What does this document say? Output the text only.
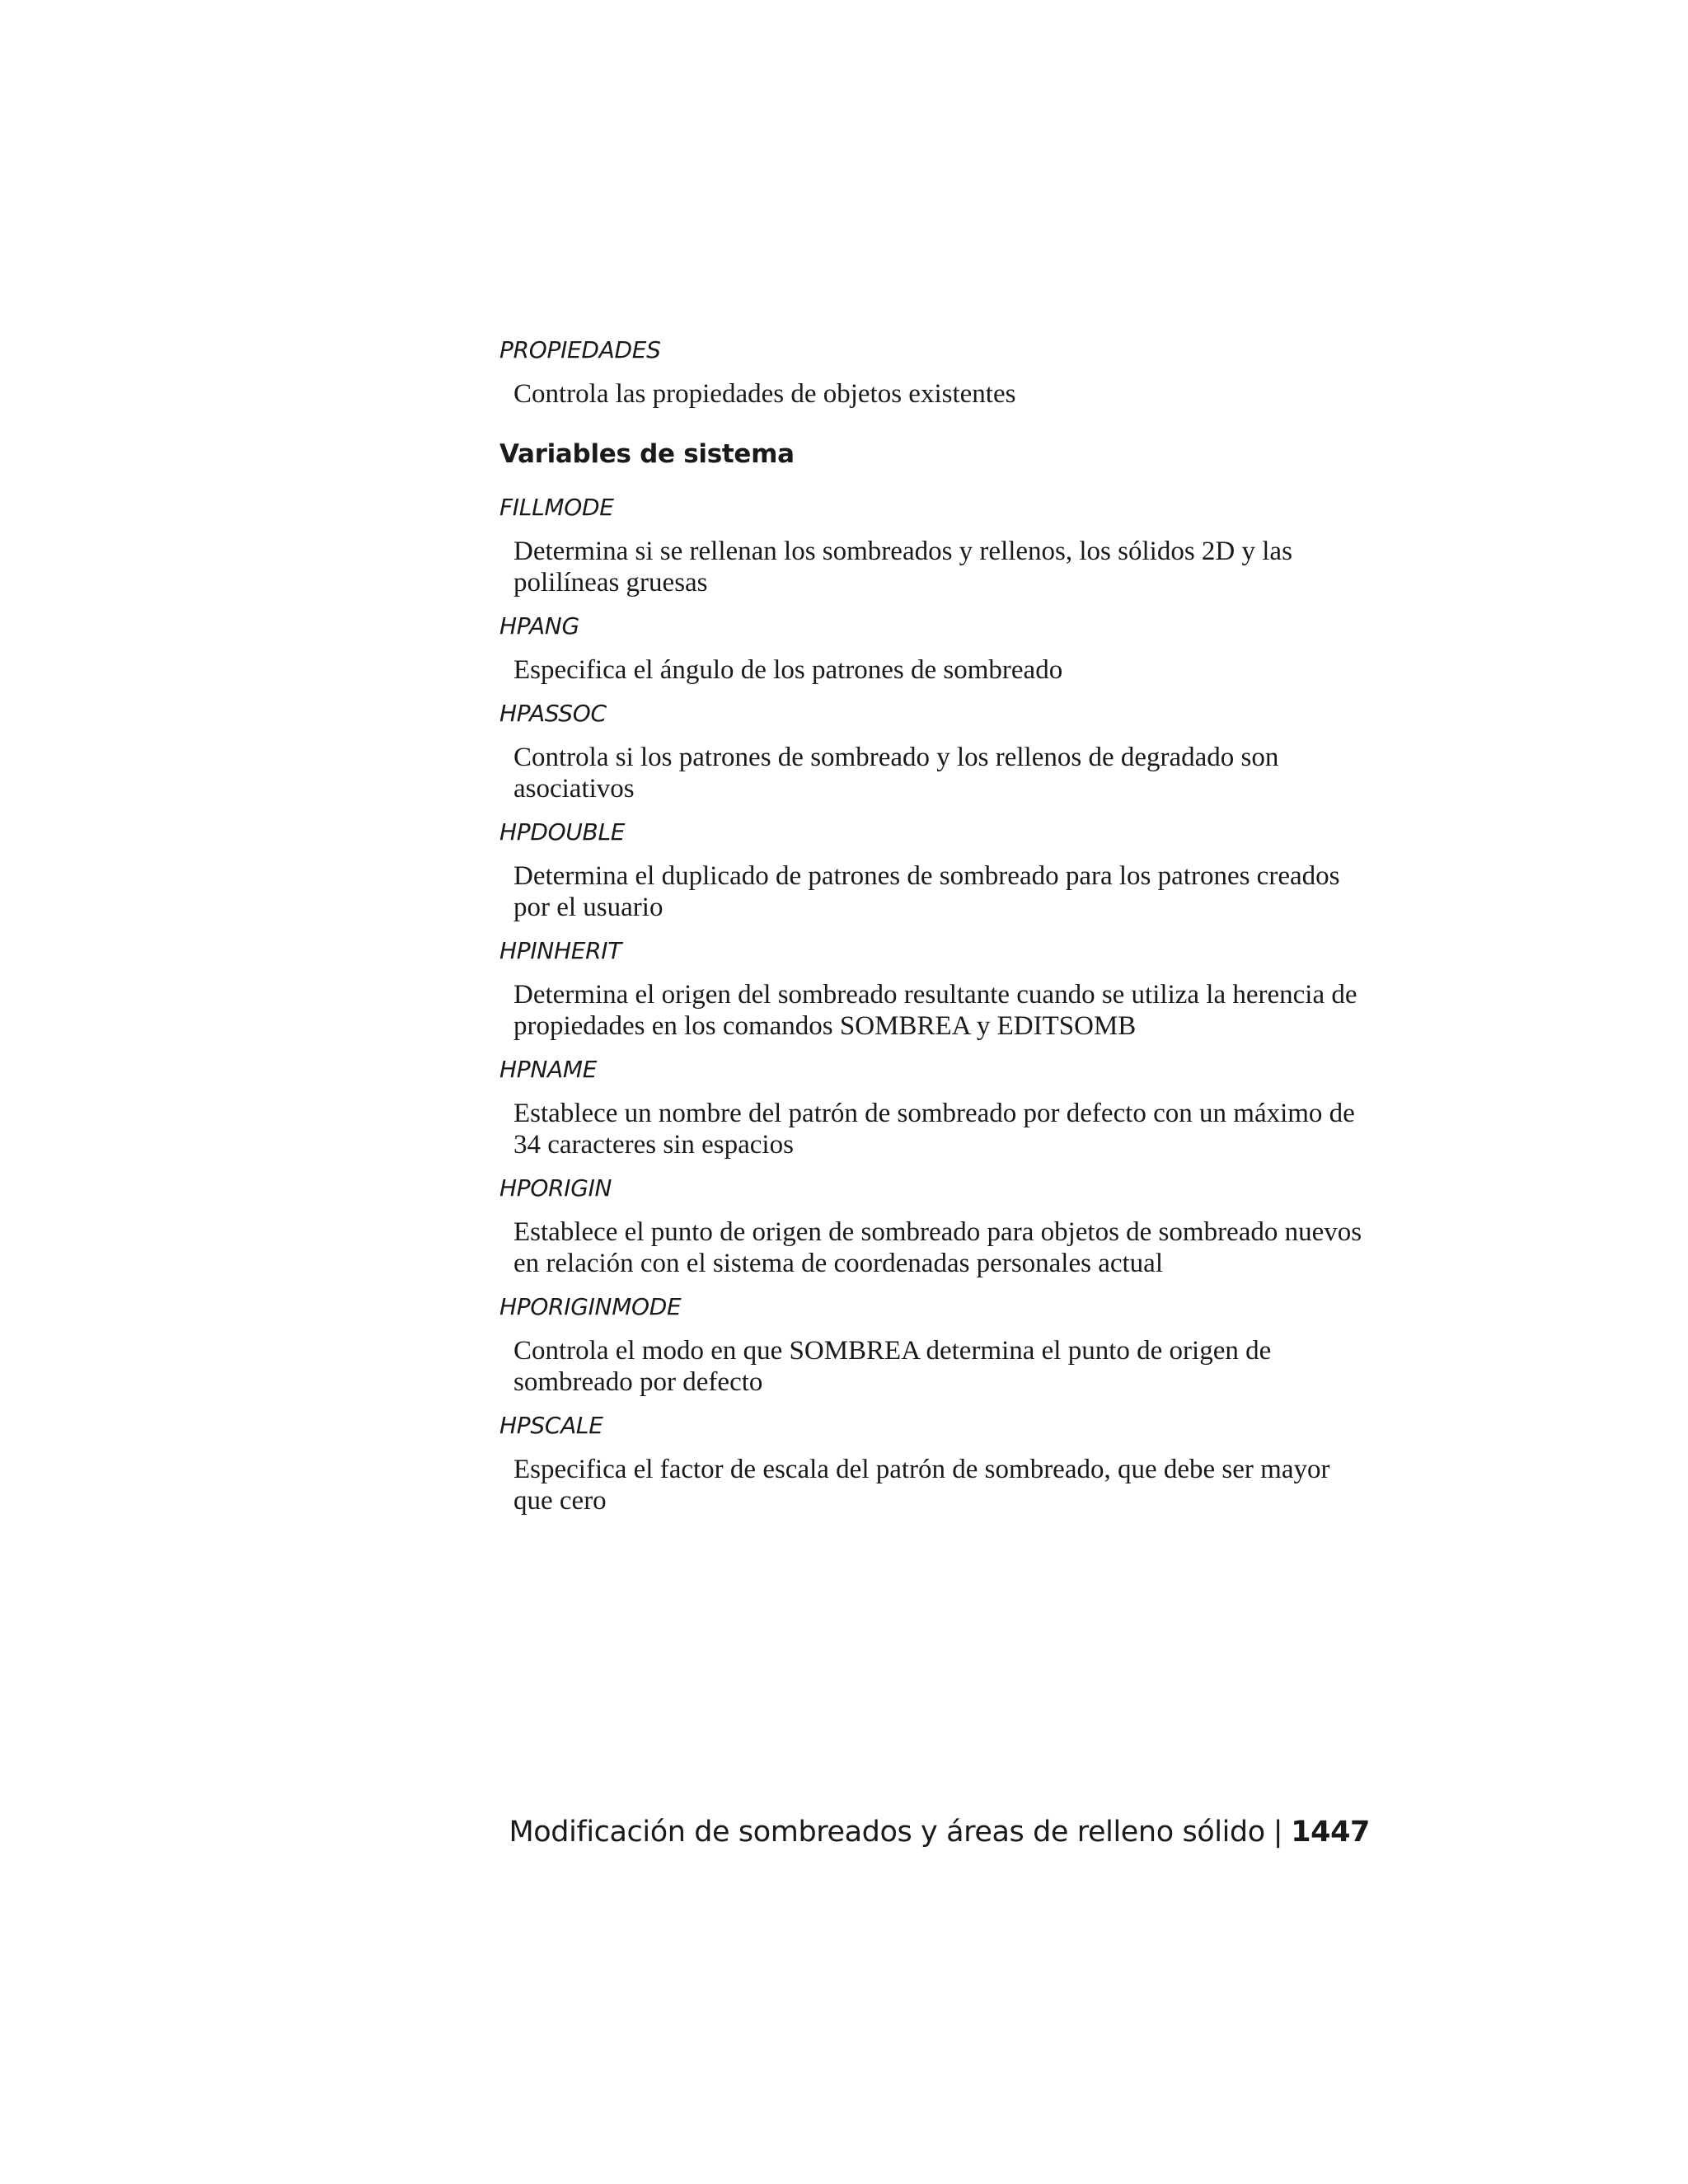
PROPIEDADES

Controla las propiedades de objetos existentes

Variables de sistema

FILLMODE

Determina si se rellenan los sombreados y rellenos, los sólidos 2D y las polilíneas gruesas

HPANG

Especifica el ángulo de los patrones de sombreado

HPASSOC

Controla si los patrones de sombreado y los rellenos de degradado son asociativos

HPDOUBLE

Determina el duplicado de patrones de sombreado para los patrones creados por el usuario

HPINHERIT

Determina el origen del sombreado resultante cuando se utiliza la herencia de propiedades en los comandos SOMBREA y EDITSOMB

HPNAME

Establece un nombre del patrón de sombreado por defecto con un máximo de 34 caracteres sin espacios

HPORIGIN

Establece el punto de origen de sombreado para objetos de sombreado nuevos en relación con el sistema de coordenadas personales actual

HPORIGINMODE

Controla el modo en que SOMBREA determina el punto de origen de sombreado por defecto

HPSCALE

Especifica el factor de escala del patrón de sombreado, que debe ser mayor que cero

Modificación de sombreados y áreas de relleno sólido | 1447
